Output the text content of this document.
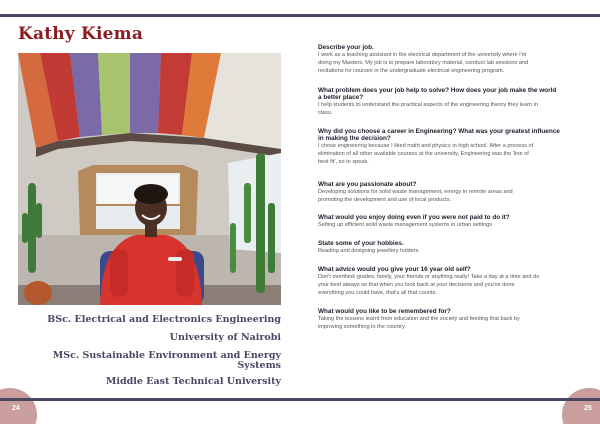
Kathy Kiema
BSc. Electrical and Electronics Engineering
University of Nairobi
MSc. Sustainable Environment and Energy
Systems
Middle East Technical University
Describe your job.
I work as a teaching assistant in the electrical department of the university where I'm
doing my Masters. My job is to prepare laboratory material, conduct lab sessions and
recitations for courses in the undergraduate electrical engineering program.
What problem does your job help to solve? How does your job make the world
a better place?
I help students to understand the practical aspects of the engineering theory they learn in
class.
Why did you choose a career in Engineering? What was your greatest influence
in making the decision?
I chose engineering because I liked math and physics in high school. After a process of
elimination of all other available courses at the university, Engineering was the 'line of
best fit', so to speak.
What are you passionate about?
Developing solutions for solid waste management, energy in remote areas and
promoting the development and use of local products.
What would you enjoy doing even if you were not paid to do it?
Setting up efficient solid waste management systems in urban settings
State some of your hobbies.
Reading and designing jewellery holders.
What advice would you give your 16 year old self?
Don't overthink grades, family, your friends or anything really! Take a day at a time and do
your best always so that when you look back at your decisions and you've done
everything you could have, that's all that counts.
What would you like to be remembered for?
Taking the lessons learnt from education and the society and feeding that back by
improving something in the country.
24	25
